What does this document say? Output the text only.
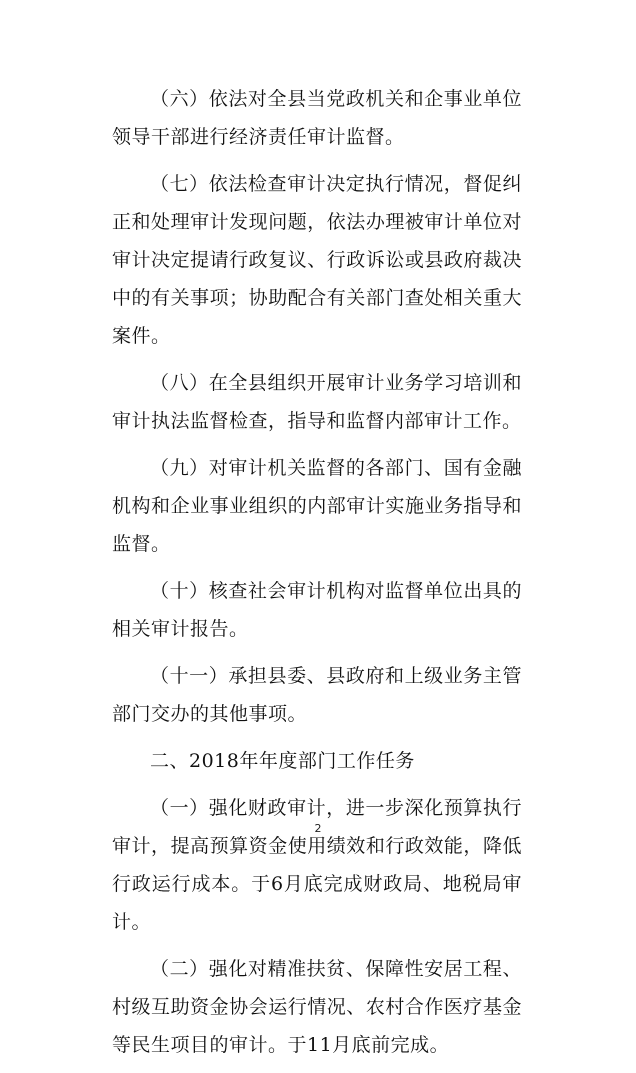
（六）依法对全县当党政机关和企事业单位领导干部进行经济责任审计监督。

（七）依法检查审计决定执行情况，督促纠正和处理审计发现问题，依法办理被审计单位对审计决定提请行政复议、行政诉讼或县政府裁决中的有关事项；协助配合有关部门查处相关重大案件。

（八）在全县组织开展审计业务学习培训和审计执法监督检查，指导和监督内部审计工作。

（九）对审计机关监督的各部门、国有金融机构和企业事业组织的内部审计实施业务指导和监督。

（十）核查社会审计机构对监督单位出具的相关审计报告。

（十一）承担县委、县政府和上级业务主管部门交办的其他事项。

二、2018年年度部门工作任务

（一）强化财政审计，进一步深化预算执行审计，提高预算资金使用绩效和行政效能，降低行政运行成本。于6月底完成财政局、地税局审计。

（二）强化对精准扶贫、保障性安居工程、村级互助资金协会运行情况、农村合作医疗基金等民生项目的审计。于11月底前完成。

2
